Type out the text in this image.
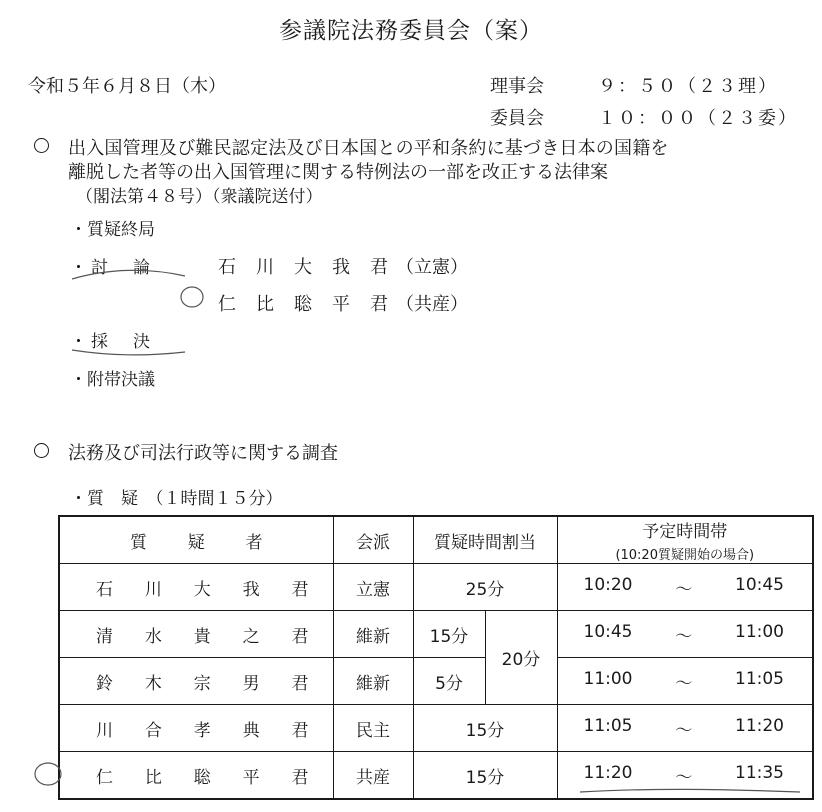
参議院法務委員会（案）
令和５年６月８日（木）	理事会	９：５０（２３理）
委員会	１０：００（２３委）
出入国管理及び難民認定法及び日本国との平和条約に基づき日本の国籍を
離脱した者等の出入国管理に関する特例法の一部を改正する法律案
（閣法第４８号）（衆議院送付）
・質疑終局
・討　論	石 川 大 我 君 （立憲）
仁 比 聡 平 君 （共産）
・採　決
・附帯決議
法務及び司法行政等に関する調査
・質　疑　（１時間１５分）
質 疑 者	会派	質疑時間割当		予定時間帯
(10:20質疑開始の場合)

石 川 大 我 君	立憲	25分		10:20 ～ 10:45

清 水 貴 之 君	維新	15分	20分	10:45 ～ 11:00

鈴 木 宗 男 君	維新	5分		11:00 ～ 11:05

川 合 孝 典 君	民主	15分		11:05 ～ 11:20

仁 比 聡 平 君	共産	15分		11:20 ～ 11:35
